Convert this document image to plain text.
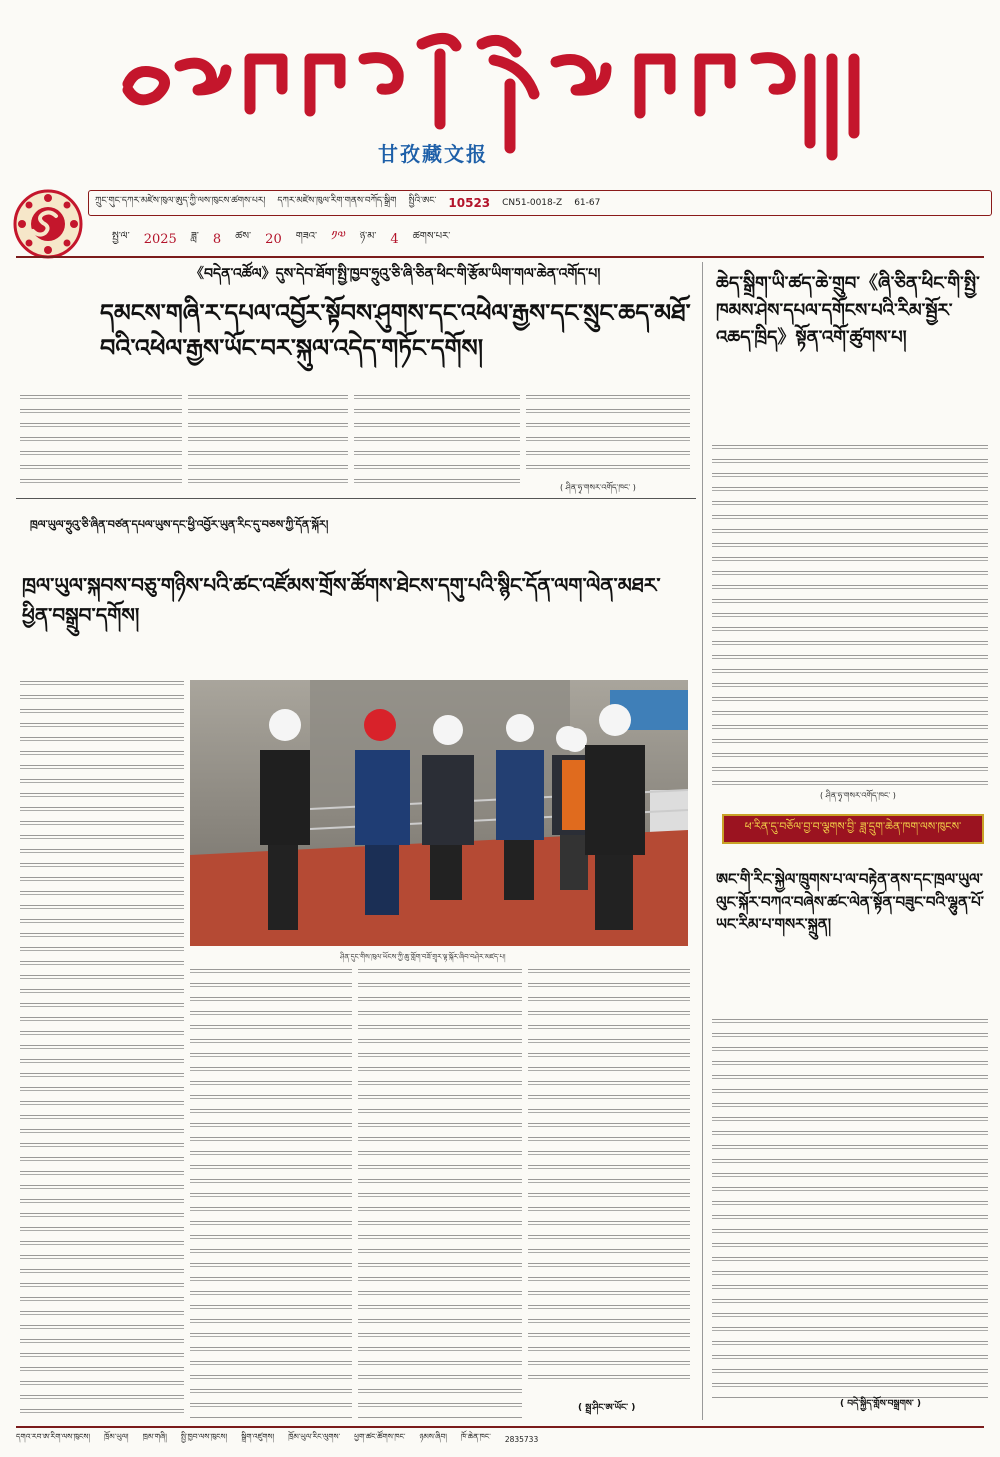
甘孜藏文报
ཀྲུང་གུང་དཀར་མཛེས་ཁུལ་ཨུད་ཀྱི་ལས་ཁུངས་ཚགས་པར། དཀར་མཛེས་ཁུལ་རིག་གནས་བཀོད་སྒྲིག སྤྱིའི་ཨང་ 10523 CN51-0018-Z 61-67
སྤྱི་ལོ་ 2025 ཟླ་ 8 ཚེས་ 20 གཟའ་ ༡༧ ཉི་མ་ 4 ཚགས་པར་
《བདེན་འཚོལ》དུས་དེབ་ཐོག་སྤྱི་ཁྱབ་ཧྲུའུ་ཅི་ཞི་ཅིན་ཕིང་གི་རྩོམ་ཡིག་གལ་ཆེན་འགོད་པ།
དམངས་གཞི་ར་དཔལ་འབྱོར་སྟོབས་ཤུགས་དང་འཕེལ་རྒྱས་དང་སྲུང་ཆད་མཐོ་བའི་འཕེལ་རྒྱས་ཡོང་བར་སྐུལ་འདེད་གཏོང་དགོས།
( ཤིན་ཧྭ་གསར་འགོད་ཁང་ )
ཁྲལ་ཡུལ་ཧྲུའུ་ཅི་ཞིན་བཙན་དཔལ་ཡུས་དང་ཕྱི་འབྱོར་ཡུན་རིང་དུ་བཅས་ཀྱི་དོན་སྐོར།
ཁྲལ་ཡུལ་སྐབས་བཅུ་གཉིས་པའི་ཚང་འཛོམས་གྲོས་ཚོགས་ཐེངས་དགུ་པའི་སྙིང་དོན་ལག་ལེན་མཐར་ཕྱིན་བསྒྲུབ་དགོས།
ཤིན་དུང་གིས་ཁུལ་ཡོངས་ཀྱི་ཆུ་གློག་བཟོ་གྲྭར་ལྟ་སྐོར་ཞིབ་བཤེར་མཛད་པ།
( སྦྲ་ཤིང་ཨ་ཡོང་ )
ཆེད་སྒྲིག་ཡི་ཚད་ཆེ་གྲུབ་《ཞི་ཅིན་ཕིང་གི་སྤྱི་ཁམས་ཤེས་དཔལ་དགོངས་པའི་རིམ་སྦྱོར་འཆད་ཁྲིད》སྟོན་འགོ་ཚུགས་པ།
( ཤིན་ཧྭ་གསར་འགོད་ཁང་ )
ཕ་རིན་དུ་བཅོལ་བྱ་བ་ལྕགས་བྱི་ ཟླ་དྲུག་ཆེན་ཁག་ལས་ཁུངས་
ཨང་གི་རིང་སྐྱེལ་ཁྲུགས་པ་ལ་བརྟེན་ནས་དང་ཁྲལ་ཡུལ་ལུང་སྐོར་བཀའ་བཞེས་ཚང་ལེན་སྟོན་བཟུང་བའི་ལྷུན་པོ་ཡང་རིམ་པ་གསར་སྐྲུན།
( བདེ་སྐྱིད་གློས་བསྒྲགས་ )
དགའ་རབ་ཨ་རིག་ལས་ཁུངས། ཁྲོམ་ཡུལ། ཁྲམ་གཞི། སྤྱི་ཁྱབ་ལས་ཁུངས། སྒྲིག་འཛུགས། ཁྲོམ་ཡུལ་རིང་ལུགས་ ཕྱག་ཚང་ཚོགས་ཁང་ ཉམས་ཞིབ། ཁོ་ཆེན་ཁང་ 2835733
